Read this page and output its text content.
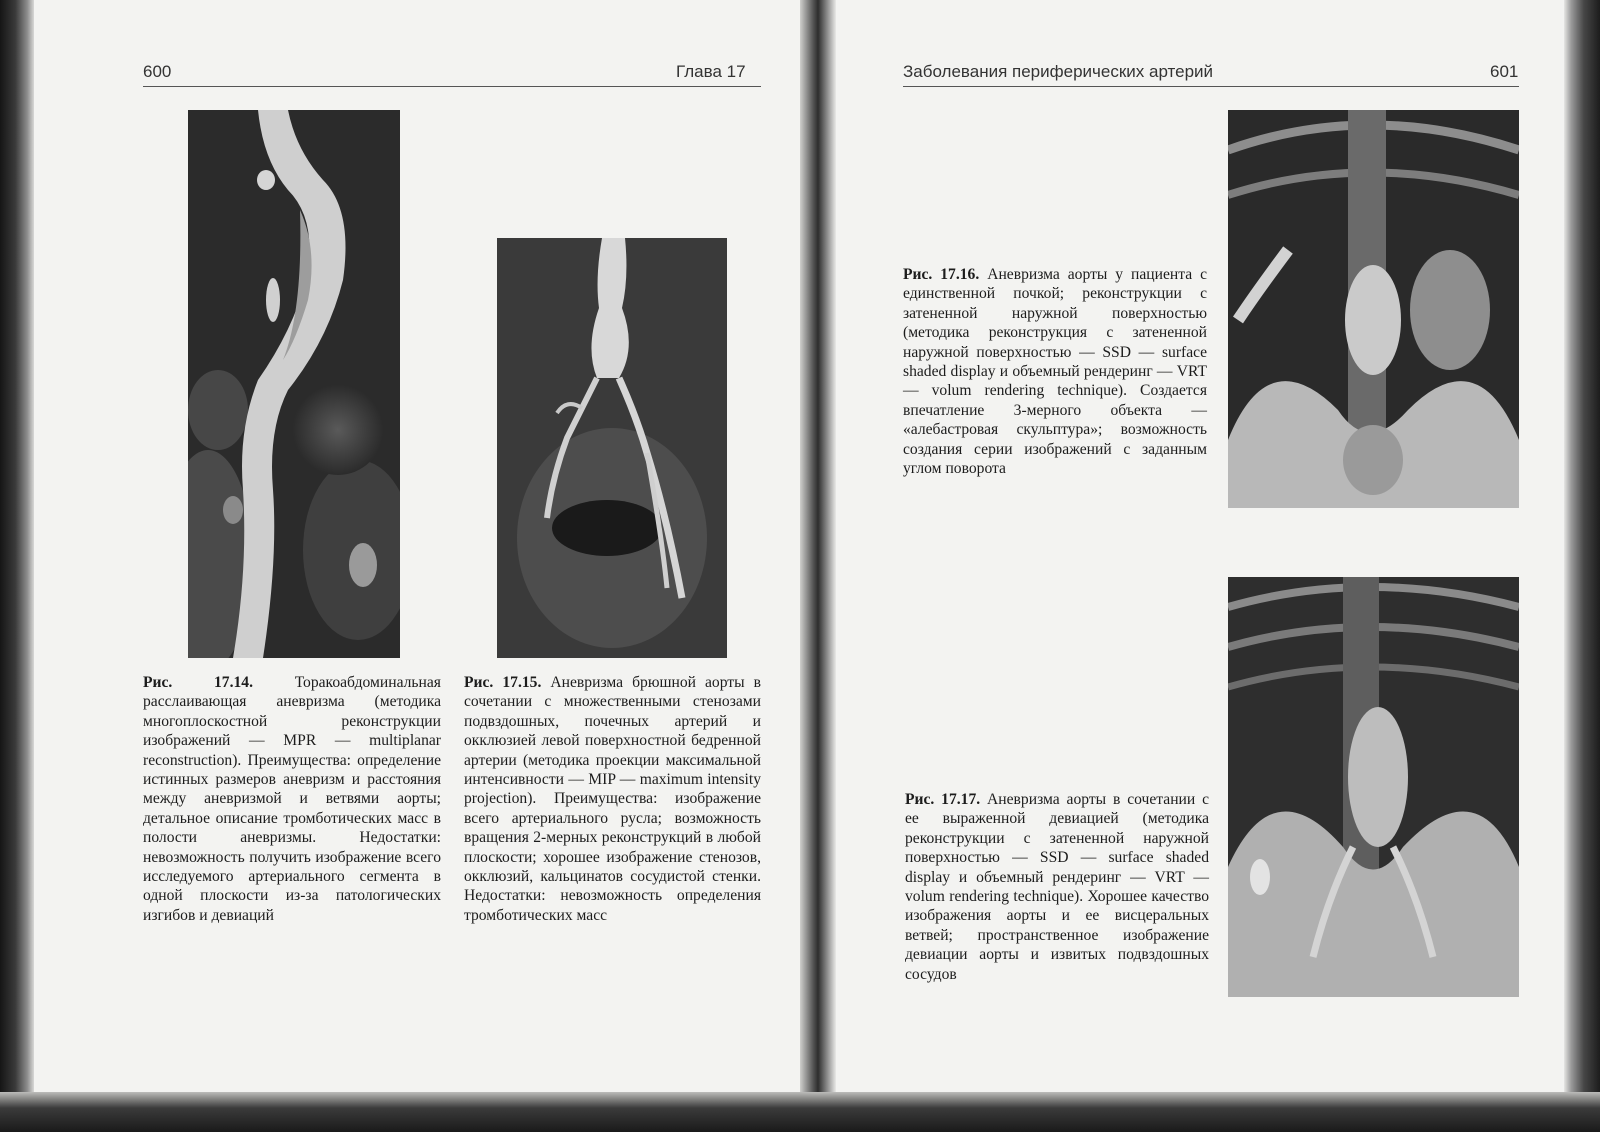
600	Глава 17
Рис. 17.14.	Торакоабдоминальная расслаивающая аневризма (методика многоплоскостной реконструкции изображений — MPR — multiplanar reconstruction). Преимущества: определение истинных размеров аневризм и расстояния между аневризмой и ветвями аорты; детальное описание тромботических масс в полости аневризмы. Недостатки: невозможность получить изображение всего исследуемого артериального сегмента в одной плоскости из-за патологических изгибов и девиаций
Рис. 17.15. Аневризма брюшной аорты в сочетании с множественными стенозами подвздошных, почечных артерий и окклюзией левой поверхностной бедренной артерии (методика проекции максимальной интенсивности — MIP — maximum intensity projection). Преимущества: изображение всего артериального русла; возможность вращения 2-мерных реконструкций в любой плоскости; хорошее изображение стенозов, окклюзий, кальцинатов сосудистой стенки. Недостатки: невозможность определения тромботических масс
Заболевания периферических артерий	601
Рис. 17.16. Аневризма аорты у пациента с единственной почкой; реконструкции с затененной наружной поверхностью (методика реконструкция с затененной наружной поверхностью — SSD — surface shaded display и объемный рендеринг — VRT — volum rendering technique). Создается впечатление 3-мерного объекта — «алебастровая скульптура»; возможность создания серии изображений с заданным углом поворота
Рис. 17.17. Аневризма аорты в сочетании с ее выраженной девиацией (методика реконструкции с затененной наружной поверхностью — SSD — surface shaded display и объемный рендеринг — VRT — volum rendering technique). Хорошее качество изображения аорты и ее висцеральных ветвей; пространственное изображение девиации аорты и извитых подвздошных сосудов
